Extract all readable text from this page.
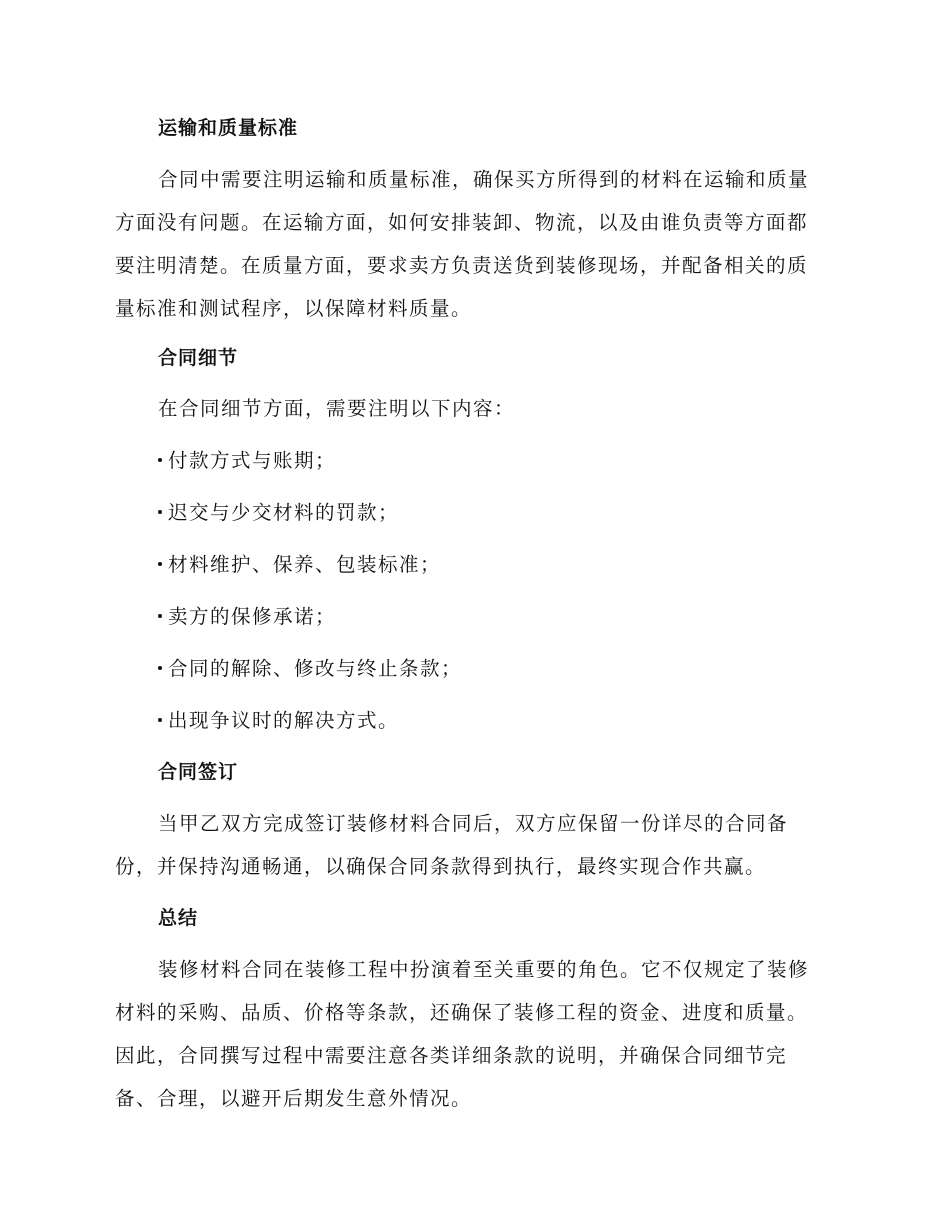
运输和质量标准
合同中需要注明运输和质量标准，确保买方所得到的材料在运输和质量
方面没有问题。在运输方面，如何安排装卸、物流，以及由谁负责等方面都
要注明清楚。在质量方面，要求卖方负责送货到装修现场，并配备相关的质
量标准和测试程序，以保障材料质量。
合同细节
在合同细节方面，需要注明以下内容：
付款方式与账期；
迟交与少交材料的罚款；
材料维护、保养、包装标准；
卖方的保修承诺；
合同的解除、修改与终止条款；
出现争议时的解决方式。
合同签订
当甲乙双方完成签订装修材料合同后，双方应保留一份详尽的合同备
份，并保持沟通畅通，以确保合同条款得到执行，最终实现合作共赢。
总结
装修材料合同在装修工程中扮演着至关重要的角色。它不仅规定了装修
材料的采购、品质、价格等条款，还确保了装修工程的资金、进度和质量。
因此，合同撰写过程中需要注意各类详细条款的说明，并确保合同细节完
备、合理，以避开后期发生意外情况。
